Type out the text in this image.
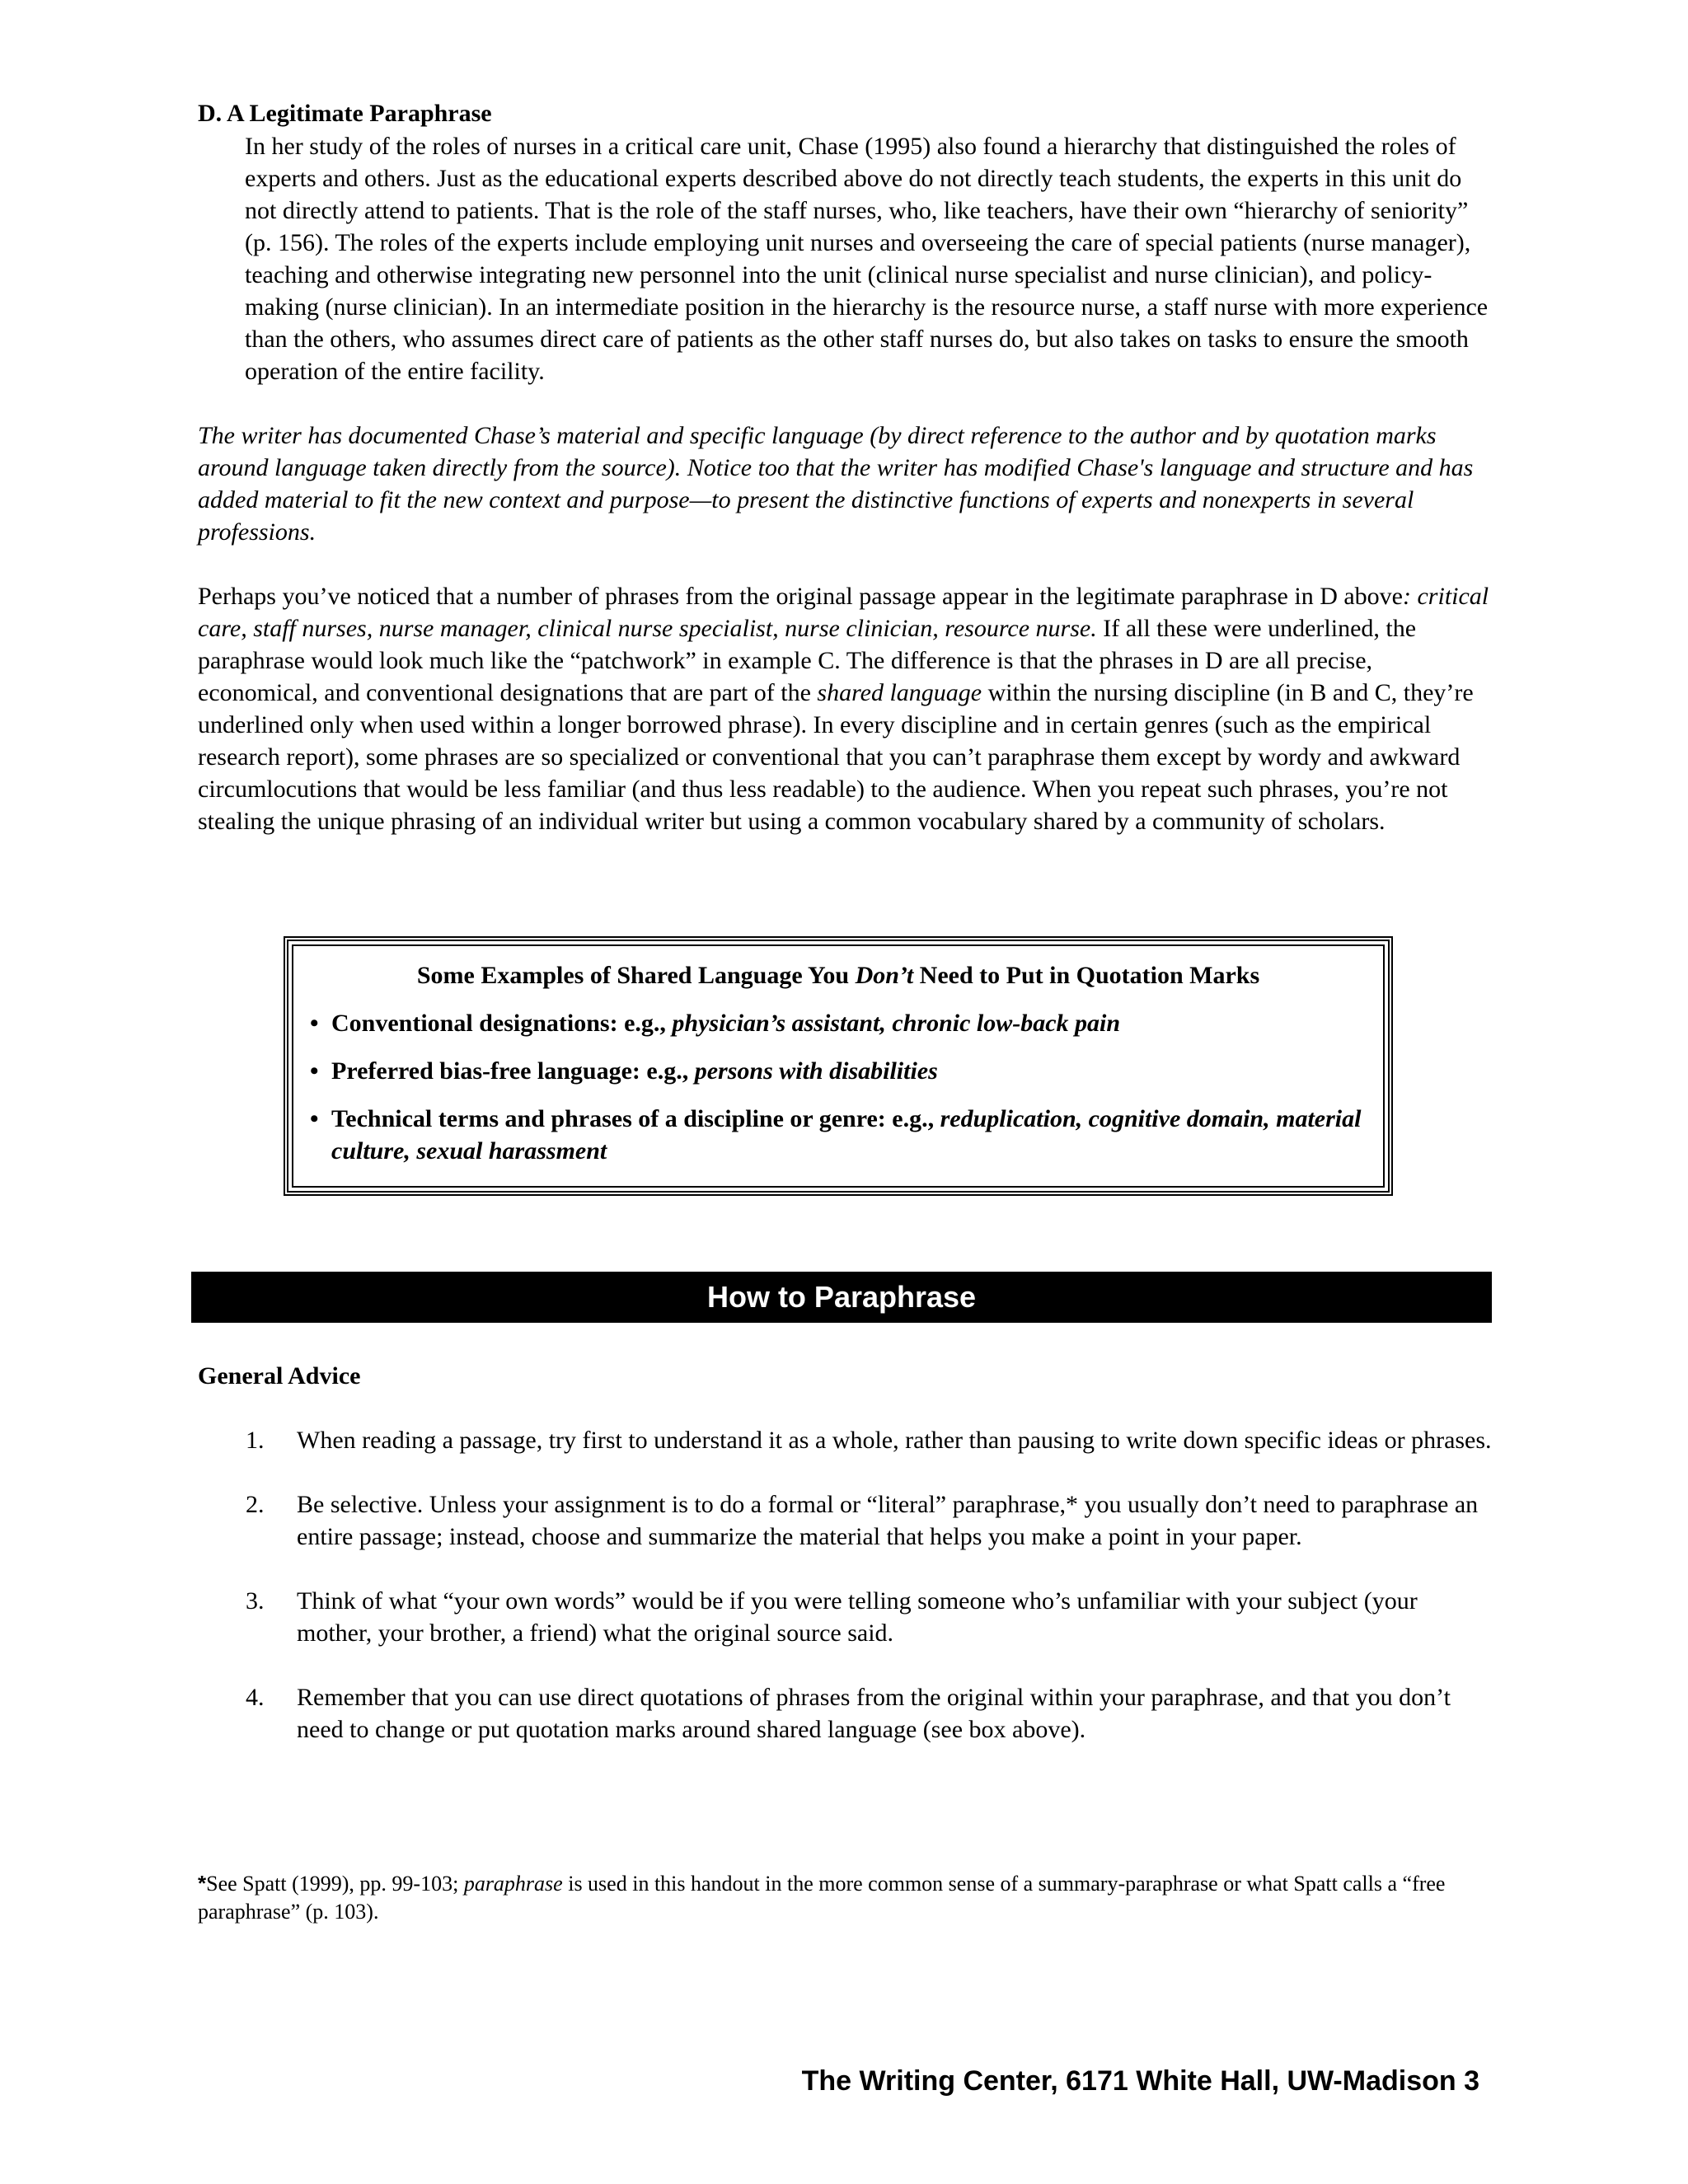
D. A Legitimate Paraphrase

In her study of the roles of nurses in a critical care unit, Chase (1995) also found a hierarchy that distinguished the roles of experts and others. Just as the educational experts described above do not directly teach students, the experts in this unit do not directly attend to patients. That is the role of the staff nurses, who, like teachers, have their own “hierarchy of seniority” (p. 156). The roles of the experts include employing unit nurses and overseeing the care of special patients (nurse manager), teaching and otherwise integrating new personnel into the unit (clinical nurse specialist and nurse clinician), and policy-making (nurse clinician). In an intermediate position in the hierarchy is the resource nurse, a staff nurse with more experience than the others, who assumes direct care of patients as the other staff nurses do, but also takes on tasks to ensure the smooth operation of the entire facility.

The writer has documented Chase’s material and specific language (by direct reference to the author and by quotation marks around language taken directly from the source). Notice too that the writer has modified Chase's language and structure and has added material to fit the new context and purpose—to present the distinctive functions of experts and nonexperts in several professions.

Perhaps you’ve noticed that a number of phrases from the original passage appear in the legitimate paraphrase in D above: critical care, staff nurses, nurse manager, clinical nurse specialist, nurse clinician, resource nurse. If all these were underlined, the paraphrase would look much like the “patchwork” in example C. The difference is that the phrases in D are all precise, economical, and conventional designations that are part of the shared language within the nursing discipline (in B and C, they’re underlined only when used within a longer borrowed phrase). In every discipline and in certain genres (such as the empirical research report), some phrases are so specialized or conventional that you can’t paraphrase them except by wordy and awkward circumlocutions that would be less familiar (and thus less readable) to the audience. When you repeat such phrases, you’re not stealing the unique phrasing of an individual writer but using a common vocabulary shared by a community of scholars.

Some Examples of Shared Language You Don’t Need to Put in Quotation Marks

• Conventional designations: e.g., physician’s assistant, chronic low-back pain
• Preferred bias-free language: e.g., persons with disabilities
• Technical terms and phrases of a discipline or genre: e.g., reduplication, cognitive domain, material culture, sexual harassment
How to Paraphrase

General Advice

1. When reading a passage, try first to understand it as a whole, rather than pausing to write down specific ideas or phrases.
2. Be selective. Unless your assignment is to do a formal or “literal” paraphrase,* you usually don’t need to paraphrase an entire passage; instead, choose and summarize the material that helps you make a point in your paper.
3. Think of what “your own words” would be if you were telling someone who’s unfamiliar with your subject (your mother, your brother, a friend) what the original source said.
4. Remember that you can use direct quotations of phrases from the original within your paraphrase, and that you don’t need to change or put quotation marks around shared language (see box above).

*See Spatt (1999), pp. 99-103; paraphrase is used in this handout in the more common sense of a summary-paraphrase or what Spatt calls a “free paraphrase” (p. 103).

The Writing Center, 6171 White Hall, UW-Madison 3
